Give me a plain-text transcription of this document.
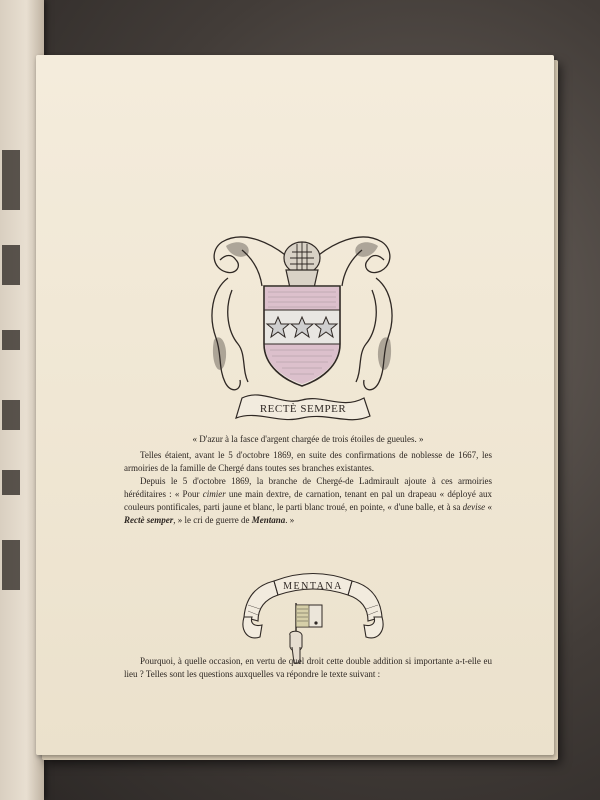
RECTÈ SEMPER
« D'azur à la fasce d'argent chargée de trois étoiles de gueules. »

Telles étaient, avant le 5 d'octobre 1869, en suite des confirmations de noblesse de 1667, les armoiries de la famille de Chergé dans toutes ses branches existantes.

Depuis le 5 d'octobre 1869, la branche de Chergé-de Ladmirault ajoute à ces armoiries héréditaires : « Pour cimier une main dextre, de carnation, tenant en pal un drapeau « déployé aux couleurs pontificales, parti jaune et blanc, le parti blanc troué, en pointe, « d'une balle, et à sa devise « Rectè semper, » le cri de guerre de Mentana. »

MENTANA

Pourquoi, à quelle occasion, en vertu de quel droit cette double addition si importante a-t-elle eu lieu ? Telles sont les questions auxquelles va répondre le texte suivant :
